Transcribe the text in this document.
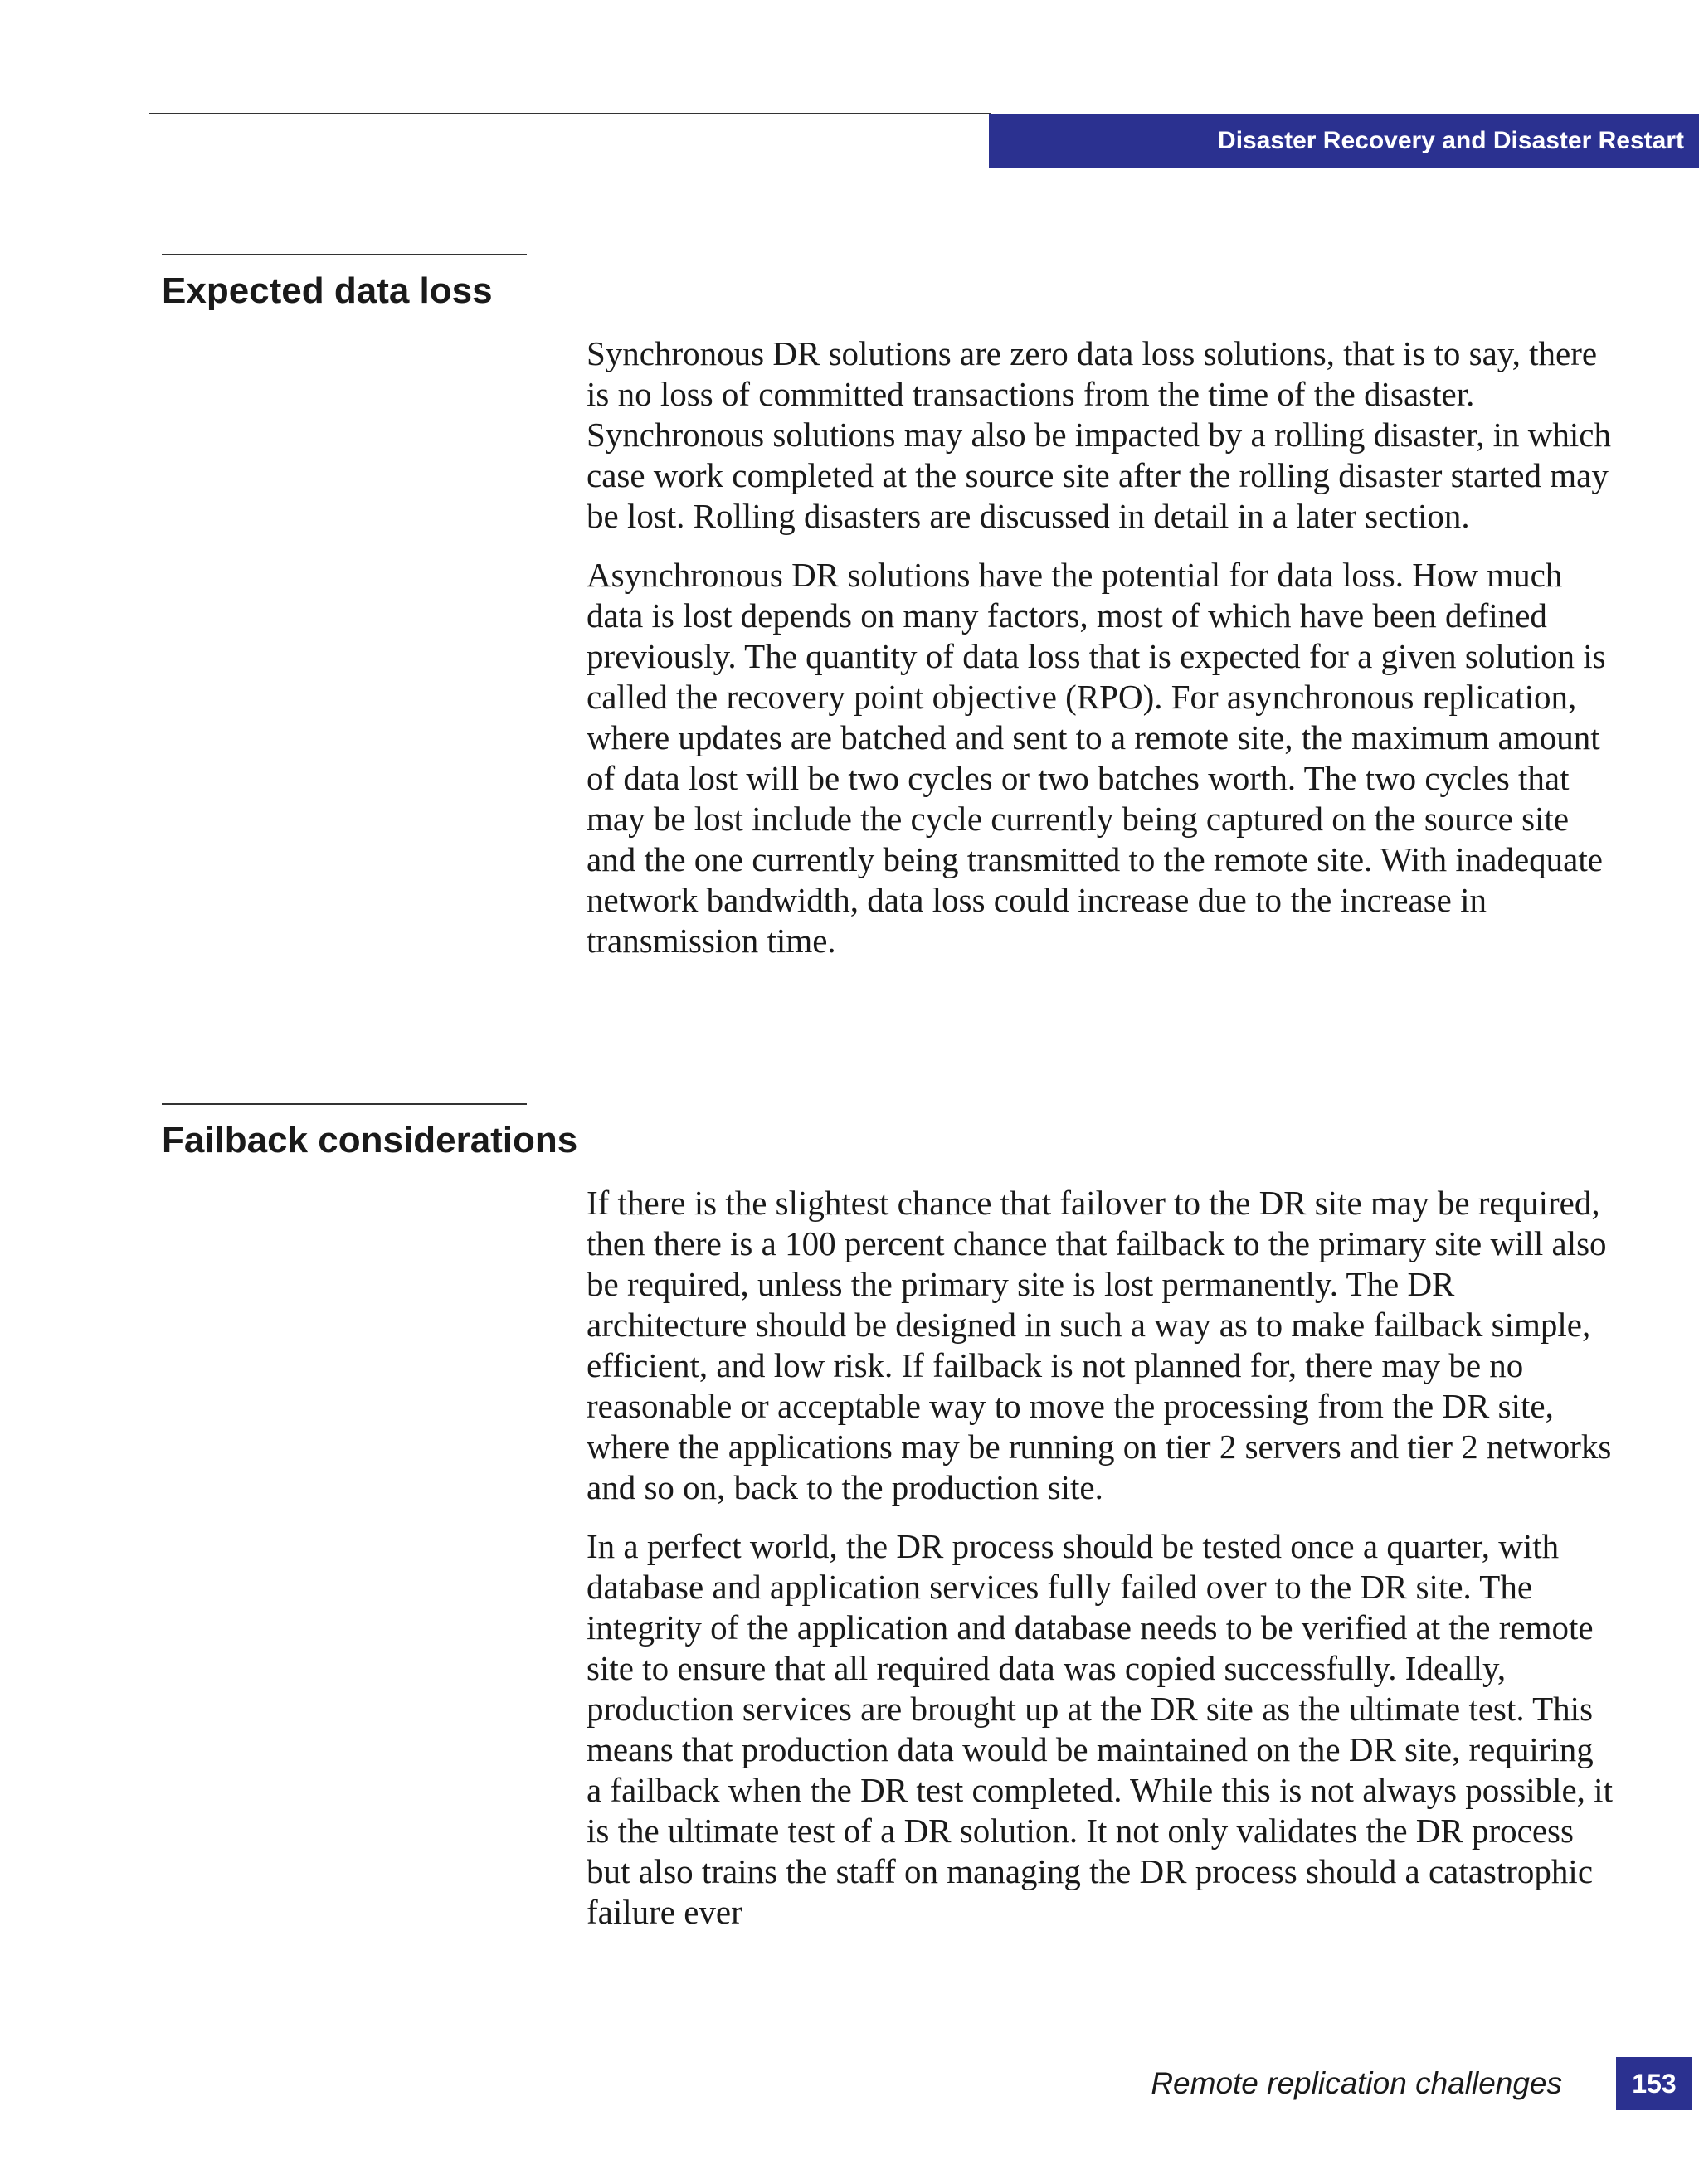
Disaster Recovery and Disaster Restart
Expected data loss

Synchronous DR solutions are zero data loss solutions, that is to say, there is no loss of committed transactions from the time of the disaster. Synchronous solutions may also be impacted by a rolling disaster, in which case work completed at the source site after the rolling disaster started may be lost. Rolling disasters are discussed in detail in a later section.

Asynchronous DR solutions have the potential for data loss. How much data is lost depends on many factors, most of which have been defined previously. The quantity of data loss that is expected for a given solution is called the recovery point objective (RPO). For asynchronous replication, where updates are batched and sent to a remote site, the maximum amount of data lost will be two cycles or two batches worth. The two cycles that may be lost include the cycle currently being captured on the source site and the one currently being transmitted to the remote site. With inadequate network bandwidth, data loss could increase due to the increase in transmission time.

Failback considerations

If there is the slightest chance that failover to the DR site may be required, then there is a 100 percent chance that failback to the primary site will also be required, unless the primary site is lost permanently. The DR architecture should be designed in such a way as to make failback simple, efficient, and low risk. If failback is not planned for, there may be no reasonable or acceptable way to move the processing from the DR site, where the applications may be running on tier 2 servers and tier 2 networks and so on, back to the production site.

In a perfect world, the DR process should be tested once a quarter, with database and application services fully failed over to the DR site. The integrity of the application and database needs to be verified at the remote site to ensure that all required data was copied successfully. Ideally, production services are brought up at the DR site as the ultimate test. This means that production data would be maintained on the DR site, requiring a failback when the DR test completed. While this is not always possible, it is the ultimate test of a DR solution. It not only validates the DR process but also trains the staff on managing the DR process should a catastrophic failure ever

Remote replication challenges	153
